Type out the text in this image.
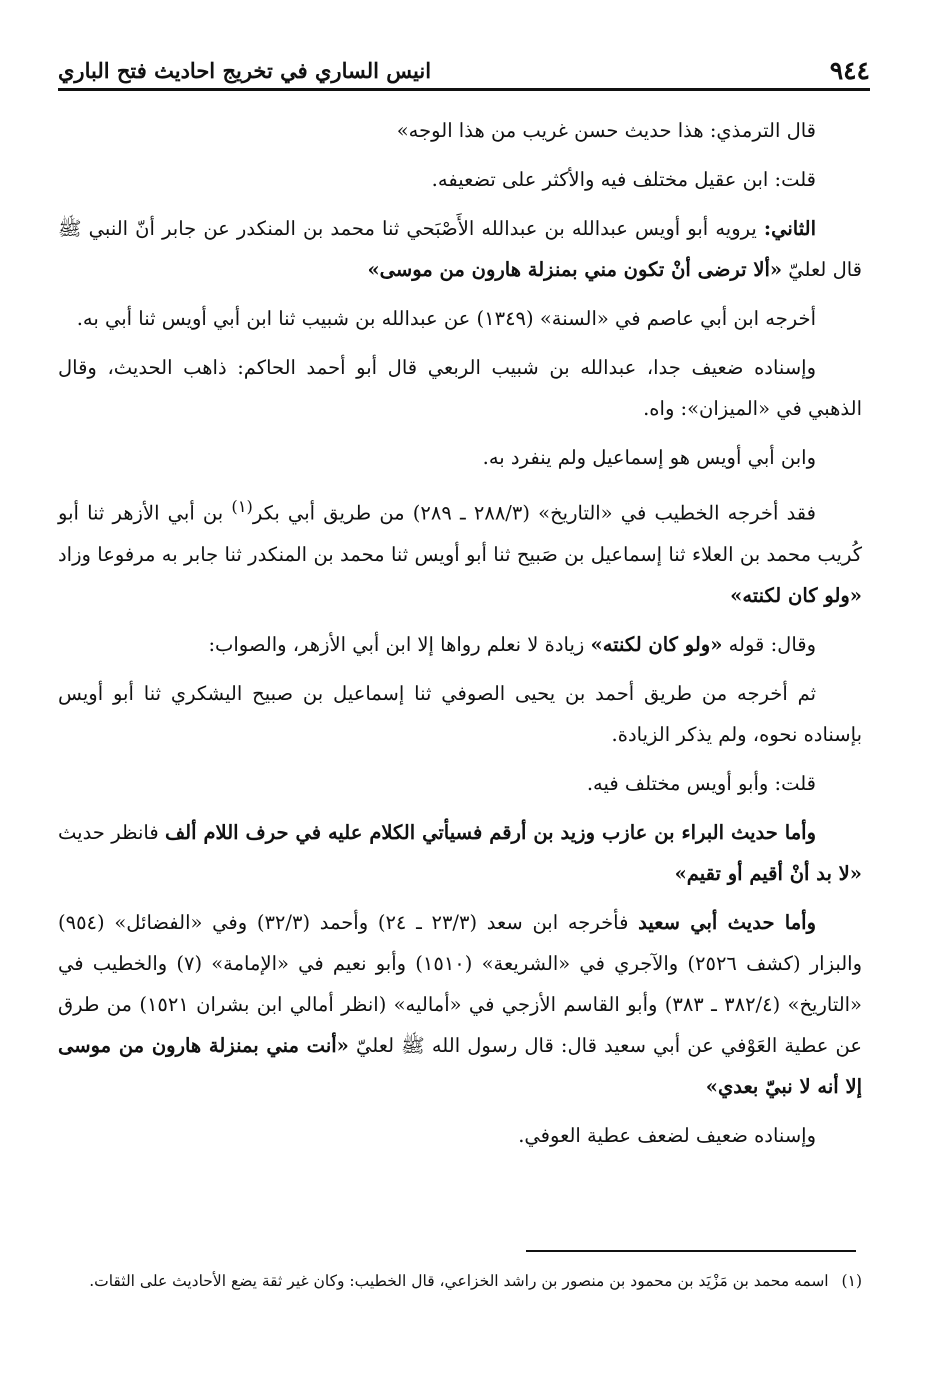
٩٤٤
انيس الساري في تخريج احاديث فتح الباري

قال الترمذي: هذا حديث حسن غريب من هذا الوجه»

قلت: ابن عقيل مختلف فيه والأكثر على تضعيفه.

الثاني: يرويه أبو أويس عبدالله بن عبدالله الأَصْبَحي ثنا محمد بن المنكدر عن جابر أنّ النبي ﷺ قال لعليّ «ألا ترضى أنْ تكون مني بمنزلة هارون من موسى»

أخرجه ابن أبي عاصم في «السنة» (١٣٤٩) عن عبدالله بن شبيب ثنا ابن أبي أويس ثنا أبي به.

وإسناده ضعيف جدا، عبدالله بن شبيب الربعي قال أبو أحمد الحاكم: ذاهب الحديث، وقال الذهبي في «الميزان»: واه.

وابن أبي أويس هو إسماعيل ولم ينفرد به.

فقد أخرجه الخطيب في «التاريخ» (٢٨٨/٣ ـ ٢٨٩) من طريق أبي بكر$^{(١)}$ بن أبي الأزهر ثنا أبو كُريب محمد بن العلاء ثنا إسماعيل بن صَبيح ثنا أبو أويس ثنا محمد بن المنكدر ثنا جابر به مرفوعا وزاد «ولو كان لكنته»

وقال: قوله «ولو كان لكنته» زيادة لا نعلم رواها إلا ابن أبي الأزهر، والصواب:

ثم أخرجه من طريق أحمد بن يحيى الصوفي ثنا إسماعيل بن صبيح اليشكري ثنا أبو أويس بإسناده نحوه، ولم يذكر الزيادة.

قلت: وأبو أويس مختلف فيه.

وأما حديث البراء بن عازب وزيد بن أرقم فسيأتي الكلام عليه في حرف اللام ألف فانظر حديث «لا بد أنْ أقيم أو تقيم»

وأما حديث أبي سعيد فأخرجه ابن سعد (٢٣/٣ ـ ٢٤) وأحمد (٣٢/٣) وفي «الفضائل» (٩٥٤) والبزار (كشف ٢٥٢٦) والآجري في «الشريعة» (١٥١٠) وأبو نعيم في «الإمامة» (٧) والخطيب في «التاريخ» (٣٨٢/٤ ـ ٣٨٣) وأبو القاسم الأزجي في «أماليه» (انظر أمالي ابن بشران ١٥٢١) من طرق عن عطية العَوْفي عن أبي سعيد قال: قال رسول الله ﷺ لعليّ «أنت مني بمنزلة هارون من موسى إلا أنه لا نبيّ بعدي»

وإسناده ضعيف لضعف عطية العوفي.

(١) اسمه محمد بن مَزْيَد بن محمود بن منصور بن راشد الخزاعي، قال الخطيب: وكان غير ثقة يضع الأحاديث على الثقات.
